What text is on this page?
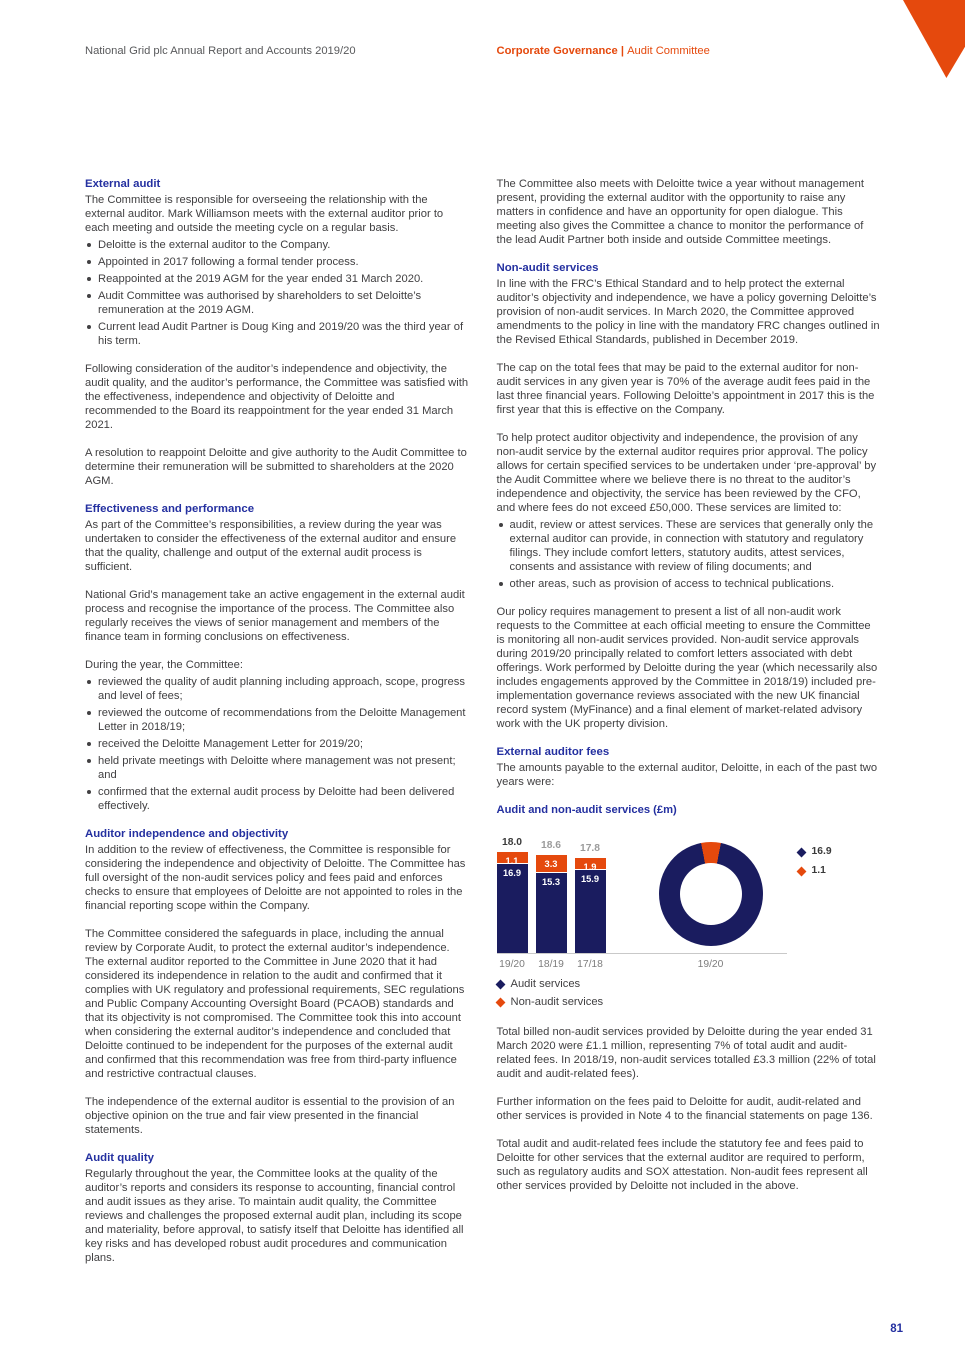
National Grid plc Annual Report and Accounts 2019/20	Corporate Governance | Audit Committee
External audit

The Committee is responsible for overseeing the relationship with the external auditor. Mark Williamson meets with the external auditor prior to each meeting and outside the meeting cycle on a regular basis.

Deloitte is the external auditor to the Company.
Appointed in 2017 following a formal tender process.
Reappointed at the 2019 AGM for the year ended 31 March 2020.
Audit Committee was authorised by shareholders to set Deloitte’s remuneration at the 2019 AGM.
Current lead Audit Partner is Doug King and 2019/20 was the third year of his term.

Following consideration of the auditor’s independence and objectivity, the audit quality, and the auditor’s performance, the Committee was satisfied with the effectiveness, independence and objectivity of Deloitte and recommended to the Board its reappointment for the year ended 31 March 2021.

A resolution to reappoint Deloitte and give authority to the Audit Committee to determine their remuneration will be submitted to shareholders at the 2020 AGM.

Effectiveness and performance

As part of the Committee’s responsibilities, a review during the year was undertaken to consider the effectiveness of the external auditor and ensure that the quality, challenge and output of the external audit process is sufficient.

National Grid’s management take an active engagement in the external audit process and recognise the importance of the process. The Committee also regularly receives the views of senior management and members of the finance team in forming conclusions on effectiveness.

During the year, the Committee:

reviewed the quality of audit planning including approach, scope, progress and level of fees;
reviewed the outcome of recommendations from the Deloitte Management Letter in 2018/19;
received the Deloitte Management Letter for 2019/20;
held private meetings with Deloitte where management was not present; and
confirmed that the external audit process by Deloitte had been delivered effectively.
Auditor independence and objectivity

In addition to the review of effectiveness, the Committee is responsible for considering the independence and objectivity of Deloitte. The Committee has full oversight of the non-audit services policy and fees paid and enforces checks to ensure that employees of Deloitte are not appointed to roles in the financial reporting scope within the Company.

The Committee considered the safeguards in place, including the annual review by Corporate Audit, to protect the external auditor’s independence. The external auditor reported to the Committee in June 2020 that it had considered its independence in relation to the audit and confirmed that it complies with UK regulatory and professional requirements, SEC regulations and Public Company Accounting Oversight Board (PCAOB) standards and that its objectivity is not compromised. The Committee took this into account when considering the external auditor’s independence and concluded that Deloitte continued to be independent for the purposes of the external audit and confirmed that this recommendation was free from third-party influence and restrictive contractual clauses.

The independence of the external auditor is essential to the provision of an objective opinion on the true and fair view presented in the financial statements.

Audit quality

Regularly throughout the year, the Committee looks at the quality of the auditor’s reports and considers its response to accounting, financial control and audit issues as they arise. To maintain audit quality, the Committee reviews and challenges the proposed external audit plan, including its scope and materiality, before approval, to satisfy itself that Deloitte has identified all key risks and has developed robust audit procedures and communication plans.

The Committee also meets with Deloitte twice a year without management present, providing the external auditor with the opportunity to raise any matters in confidence and have an opportunity for open dialogue. This meeting also gives the Committee a chance to monitor the performance of the lead Audit Partner both inside and outside Committee meetings.

Non-audit services

In line with the FRC’s Ethical Standard and to help protect the external auditor’s objectivity and independence, we have a policy governing Deloitte’s provision of non-audit services. In March 2020, the Committee approved amendments to the policy in line with the mandatory FRC changes outlined in the Revised Ethical Standards, published in December 2019.

The cap on the total fees that may be paid to the external auditor for non-audit services in any given year is 70% of the average audit fees paid in the last three financial years. Following Deloitte’s appointment in 2017 this is the first year that this is effective on the Company.

To help protect auditor objectivity and independence, the provision of any non-audit service by the external auditor requires prior approval. The policy allows for certain specified services to be undertaken under ‘pre-approval’ by the Audit Committee where we believe there is no threat to the auditor’s independence and objectivity, the service has been reviewed by the CFO, and where fees do not exceed £50,000. These services are limited to:

audit, review or attest services. These are services that generally only the external auditor can provide, in connection with statutory and regulatory filings. They include comfort letters, statutory audits, attest services, consents and assistance with review of filing documents; and
other areas, such as provision of access to technical publications.

Our policy requires management to present a list of all non-audit work requests to the Committee at each official meeting to ensure the Committee is monitoring all non-audit services provided. Non-audit service approvals during 2019/20 principally related to comfort letters associated with debt offerings. Work performed by Deloitte during the year (which necessarily also includes engagements approved by the Committee in 2018/19) included pre-implementation governance reviews associated with the new UK financial record system (MyFinance) and a final element of market-related advisory work with the UK property division.

External auditor fees

The amounts payable to the external auditor, Deloitte, in each of the past two years were:

Audit and non-audit services (£m)
18.0
1.1
16.9
19/20
18.6
3.3
15.3
18/19
17.8
1.9
15.9
17/18	19/20
16.9
1.1
Audit services
Non-audit services

Total billed non-audit services provided by Deloitte during the year ended 31 March 2020 were £1.1 million, representing 7% of total audit and audit-related fees. In 2018/19, non-audit services totalled £3.3 million (22% of total audit and audit-related fees).

Further information on the fees paid to Deloitte for audit, audit-related and other services is provided in Note 4 to the financial statements on page 136.

Total audit and audit-related fees include the statutory fee and fees paid to Deloitte for other services that the external auditor are required to perform, such as regulatory audits and SOX attestation. Non-audit fees represent all other services provided by Deloitte not included in the above.

81
